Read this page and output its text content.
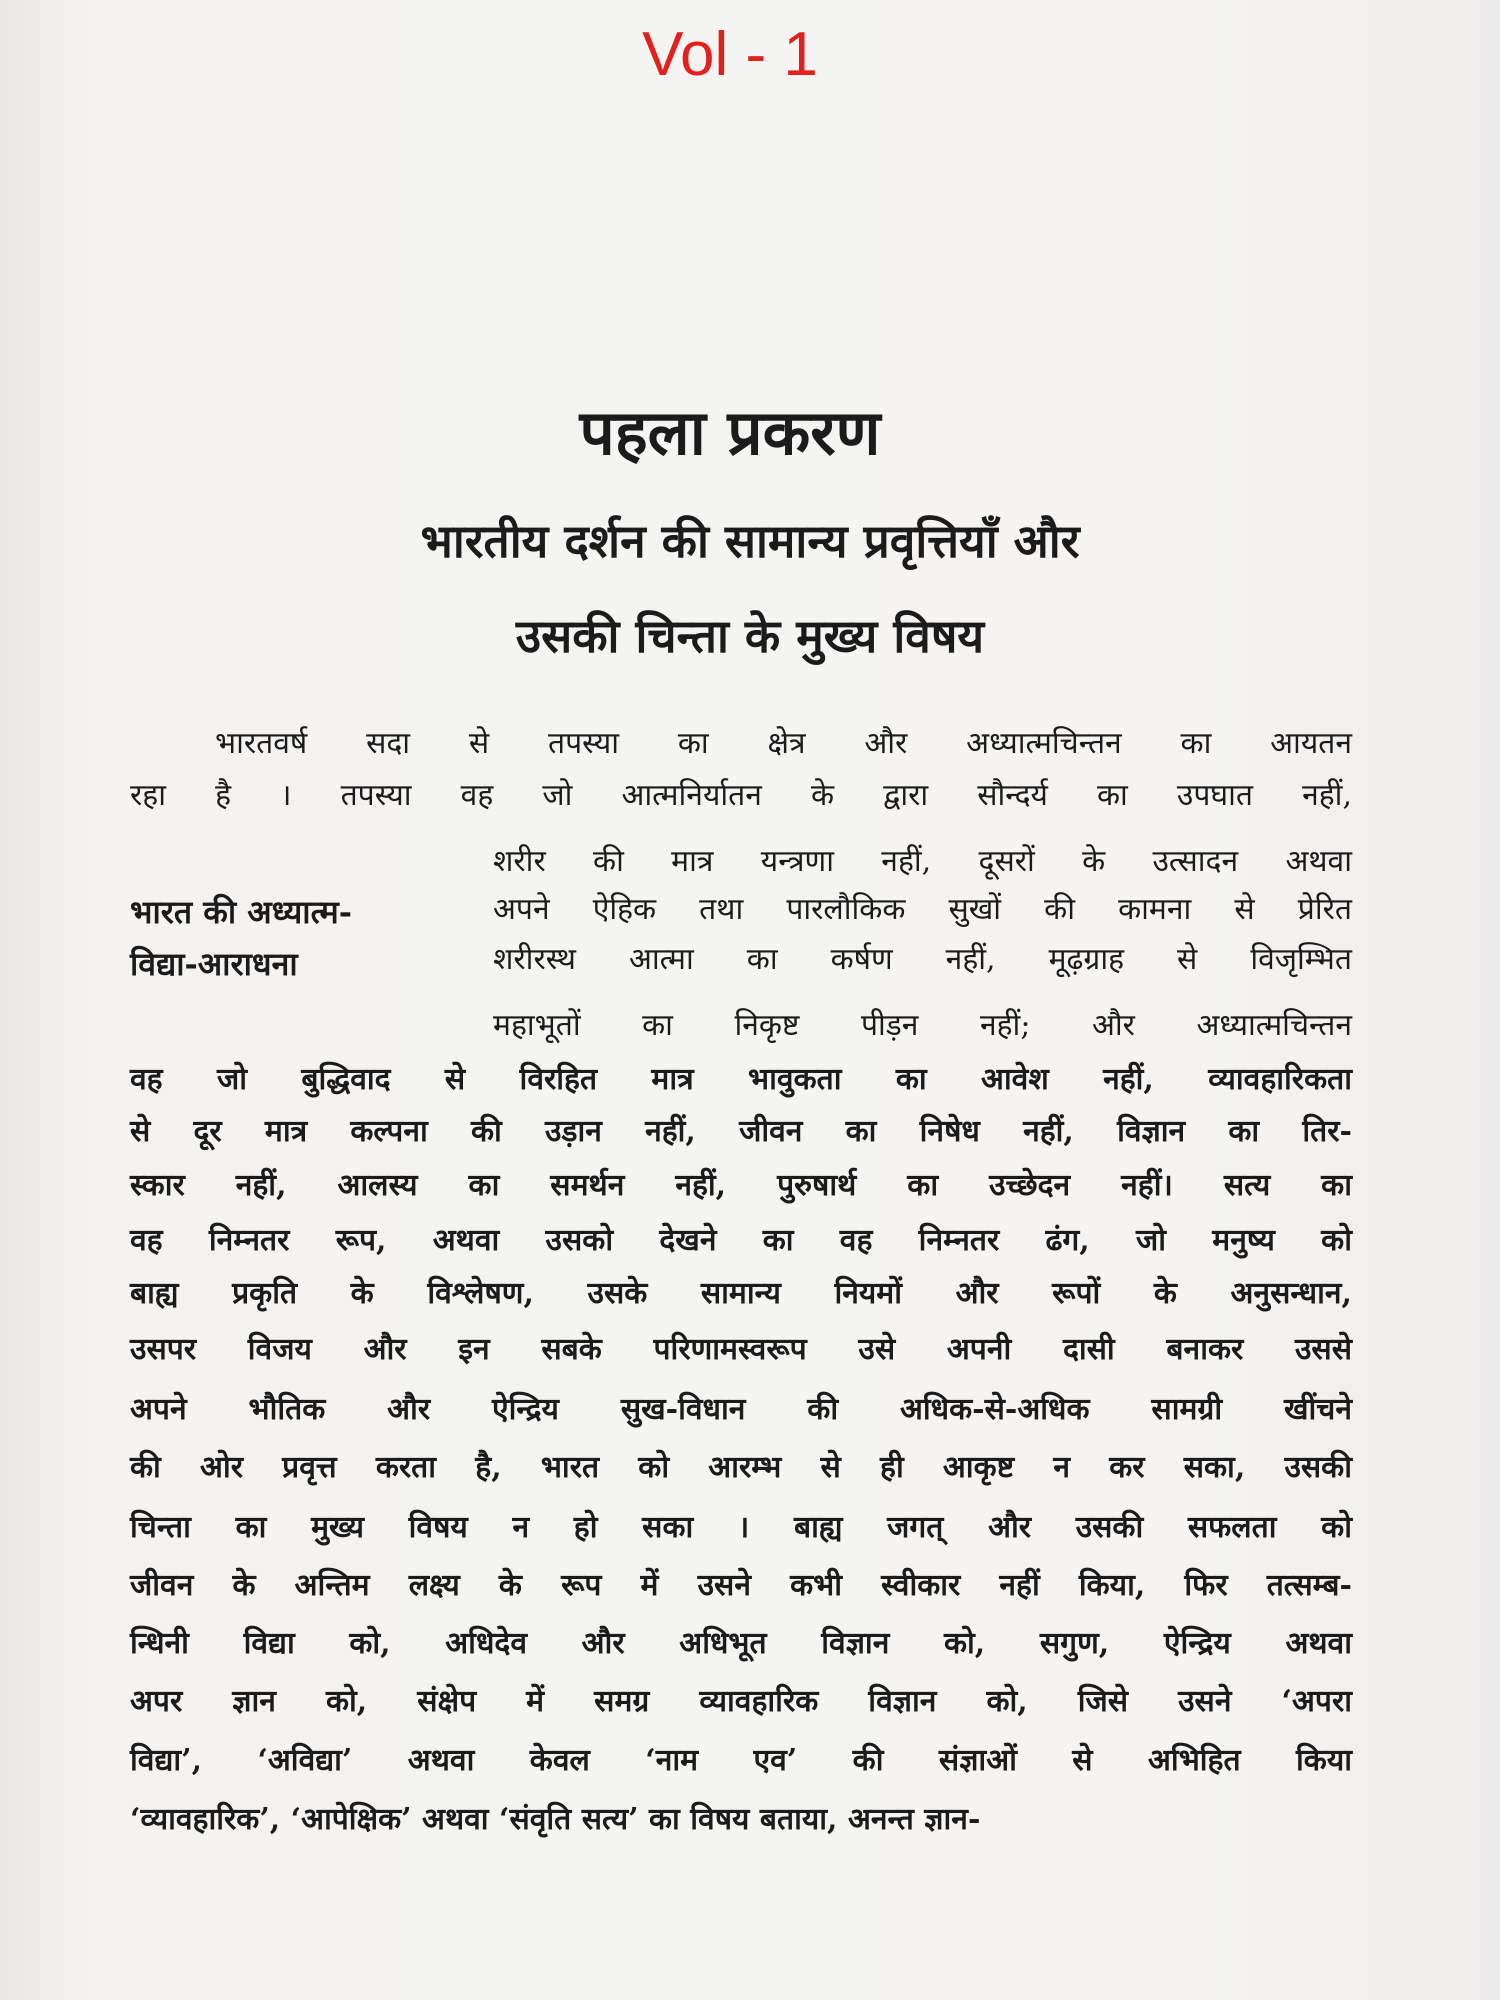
Vol - 1
पहला प्रकरण
भारतीय दर्शन की सामान्य प्रवृत्तियाँ और
उसकी चिन्ता के मुख्य विषय
भारतवर्ष सदा से तपस्या का क्षेत्र और अध्यात्मचिन्तन का आयतन
रहा है । तपस्या वह जो आत्मनिर्यातन के द्वारा सौन्दर्य का उपघात नहीं,
शरीर की मात्र यन्त्रणा नहीं, दूसरों के उत्सादन अथवा
अपने ऐहिक तथा पारलौकिक सुखों की कामना से प्रेरित
शरीरस्थ आत्मा का कर्षण नहीं, मूढ़ग्राह से विजृम्भित
महाभूतों का निकृष्ट पीड़न नहीं; और अध्यात्मचिन्तन
भारत की अध्यात्म-
विद्या-आराधना
वह जो बुद्धिवाद से विरहित मात्र भावुकता का आवेश नहीं, व्यावहारिकता
से दूर मात्र कल्पना की उड़ान नहीं, जीवन का निषेध नहीं, विज्ञान का तिर-
स्कार नहीं, आलस्य का समर्थन नहीं, पुरुषार्थ का उच्छेदन नहीं। सत्य का
वह निम्नतर रूप, अथवा उसको देखने का वह निम्नतर ढंग, जो मनुष्य को
बाह्य प्रकृति के विश्लेषण, उसके सामान्य नियमों और रूपों के अनुसन्धान,
उसपर विजय और इन सबके परिणामस्वरूप उसे अपनी दासी बनाकर उससे
अपने भौतिक और ऐन्द्रिय सुख-विधान की अधिक-से-अधिक सामग्री खींचने
की ओर प्रवृत्त करता है, भारत को आरम्भ से ही आकृष्ट न कर सका, उसकी
चिन्ता का मुख्य विषय न हो सका । बाह्य जगत् और उसकी सफलता को
जीवन के अन्तिम लक्ष्य के रूप में उसने कभी स्वीकार नहीं किया, फिर तत्सम्ब-
न्धिनी विद्या को, अधिदेव और अधिभूत विज्ञान को, सगुण, ऐन्द्रिय अथवा
अपर ज्ञान को, संक्षेप में समग्र व्यावहारिक विज्ञान को, जिसे उसने ‘अपरा
विद्या’, ‘अविद्या’ अथवा केवल ‘नाम एव’ की संज्ञाओं से अभिहित किया
‘व्यावहारिक’, ‘आपेक्षिक’ अथवा ‘संवृति सत्य’ का विषय बताया, अनन्त ज्ञान-
